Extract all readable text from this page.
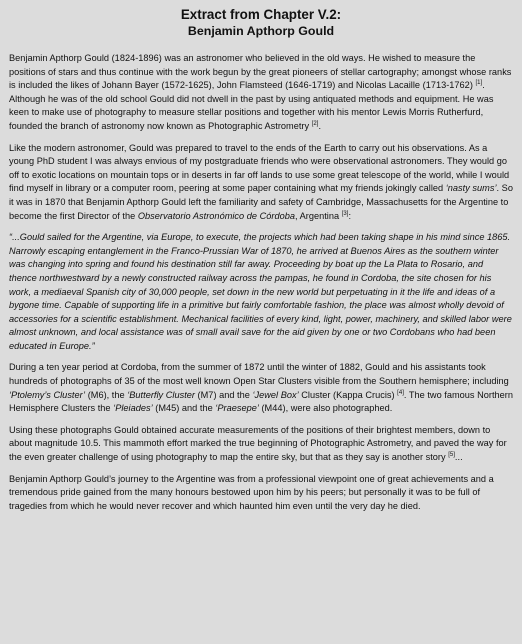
Extract from Chapter V.2:
Benjamin Apthorp Gould

Benjamin Apthorp Gould (1824-1896) was an astronomer who believed in the old ways. He wished to measure the positions of stars and thus continue with the work begun by the great pioneers of stellar cartography; amongst whose ranks is included the likes of Johann Bayer (1572-1625), John Flamsteed (1646-1719) and Nicolas Lacaille (1713-1762) [1]. Although he was of the old school Gould did not dwell in the past by using antiquated methods and equipment. He was keen to make use of photography to measure stellar positions and together with his mentor Lewis Morris Rutherfurd, founded the branch of astronomy now known as Photographic Astrometry [2].

Like the modern astronomer, Gould was prepared to travel to the ends of the Earth to carry out his observations. As a young PhD student I was always envious of my postgraduate friends who were observational astronomers. They would go off to exotic locations on mountain tops or in deserts in far off lands to use some great telescope of the world, while I would find myself in library or a computer room, peering at some paper containing what my friends jokingly called ‘nasty sums’. So it was in 1870 that Benjamin Apthorp Gould left the familiarity and safety of Cambridge, Massachusetts for the Argentine to become the first Director of the Observatorio Astronómico de Córdoba, Argentina [3]:

“...Gould sailed for the Argentine, via Europe, to execute, the projects which had been taking shape in his mind since 1865. Narrowly escaping entanglement in the Franco-Prussian War of 1870, he arrived at Buenos Aires as the southern winter was changing into spring and found his destination still far away. Proceeding by boat up the La Plata to Rosario, and thence northwestward by a newly constructed railway across the pampas, he found in Cordoba, the site chosen for his work, a mediaeval Spanish city of 30,000 people, set down in the new world but perpetuating in it the life and ideas of a bygone time. Capable of supporting life in a primitive but fairly comfortable fashion, the place was almost wholly devoid of accessories for a scientific establishment. Mechanical facilities of every kind, light, power, machinery, and skilled labor were almost unknown, and local assistance was of small avail save for the aid given by one or two Cordobans who had been educated in Europe.”

During a ten year period at Cordoba, from the summer of 1872 until the winter of 1882, Gould and his assistants took hundreds of photographs of 35 of the most well known Open Star Clusters visible from the Southern hemisphere; including ‘Ptolemy’s Cluster’ (M6), the ‘Butterfly Cluster (M7) and the ‘Jewel Box’ Cluster (Kappa Crucis) [4]. The two famous Northern Hemisphere Clusters the ‘Pleiades’ (M45) and the ‘Praesepe’ (M44), were also photographed.

Using these photographs Gould obtained accurate measurements of the positions of their brightest members, down to about magnitude 10.5. This mammoth effort marked the true beginning of Photographic Astrometry, and paved the way for the even greater challenge of using photography to map the entire sky, but that as they say is another story [5]...

Benjamin Apthorp Gould’s journey to the Argentine was from a professional viewpoint one of great achievements and a tremendous pride gained from the many honours bestowed upon him by his peers; but personally it was to be full of tragedies from which he would never recover and which haunted him even until the very day he died.
